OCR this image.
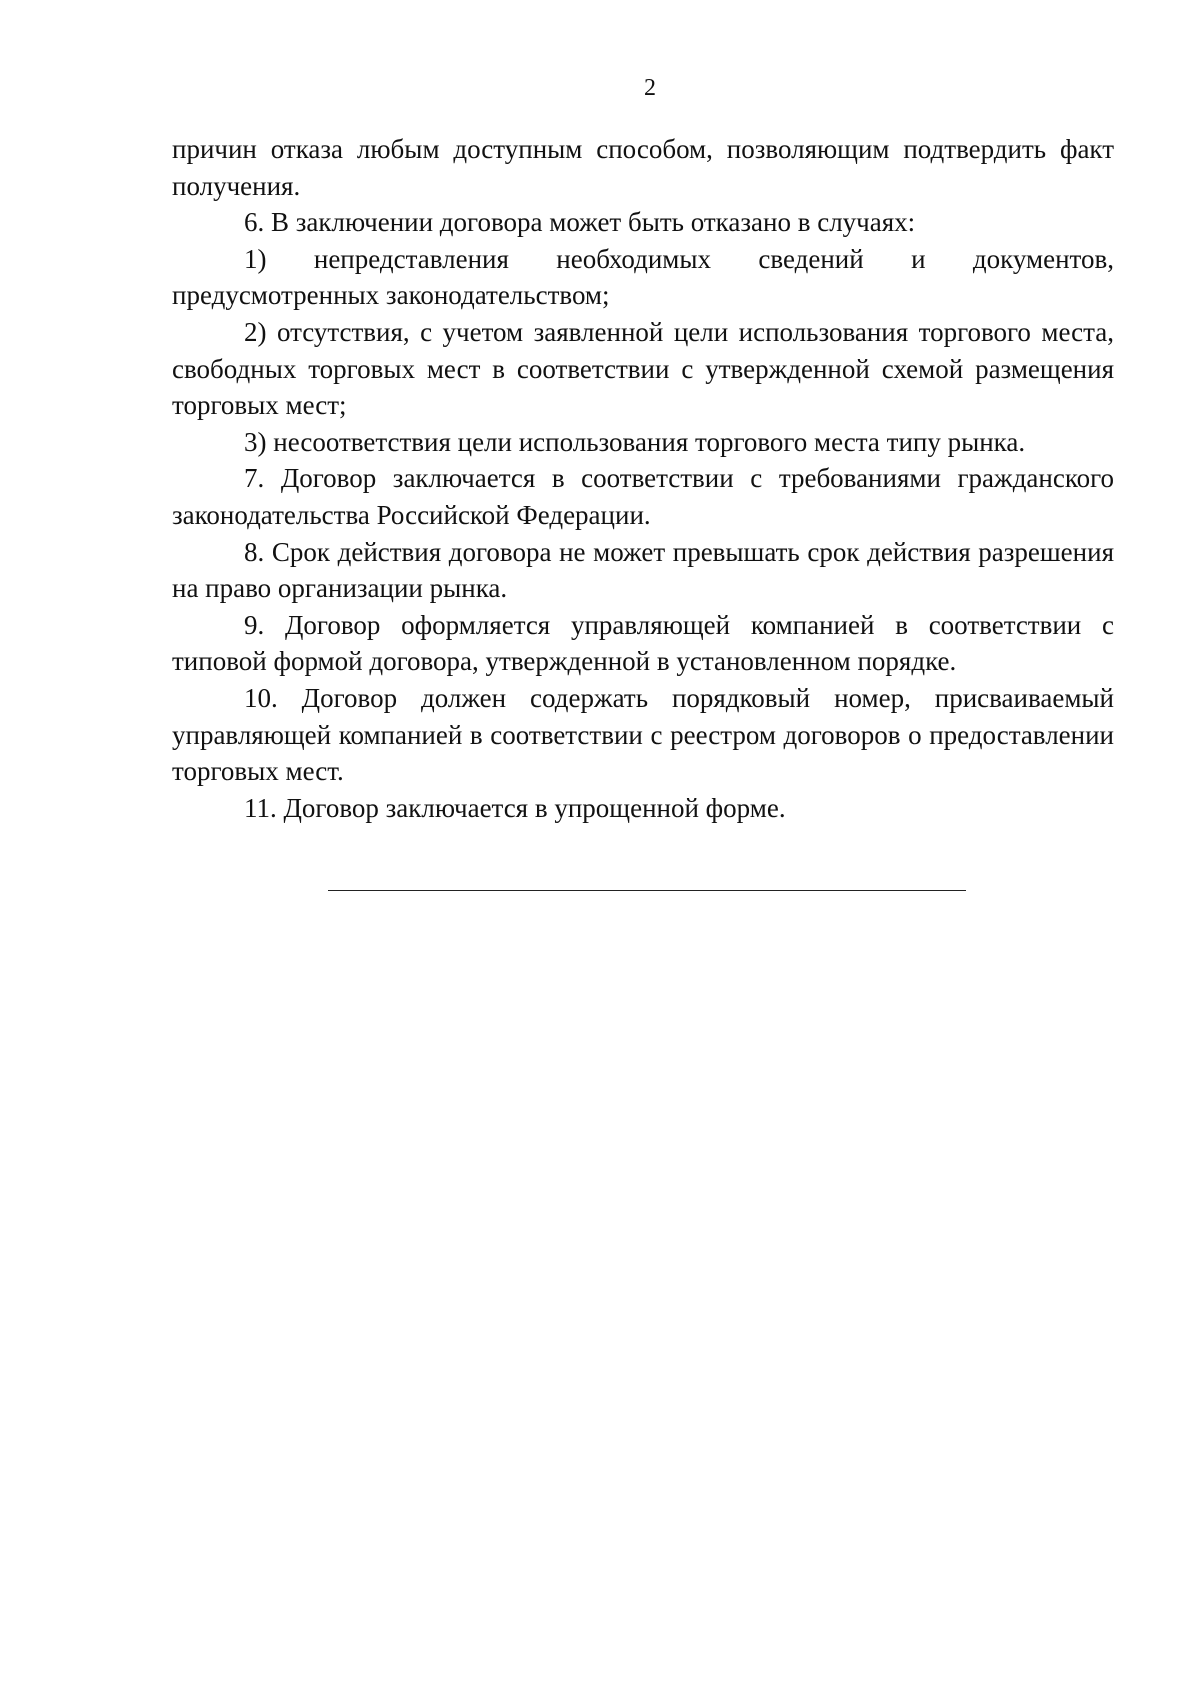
2

причин отказа любым доступным способом, позволяющим подтвердить факт получения.

6. В заключении договора может быть отказано в случаях:

1) непредставления необходимых сведений и документов, предусмотренных законодательством;

2) отсутствия, с учетом заявленной цели использования торгового места, свободных торговых мест в соответствии с утвержденной схемой размещения торговых мест;

3) несоответствия цели использования торгового места типу рынка.

7. Договор заключается в соответствии с требованиями гражданского законодательства Российской Федерации.

8. Срок действия договора не может превышать срок действия разрешения на право организации рынка.

9. Договор оформляется управляющей компанией в соответствии с типовой формой договора, утвержденной в установленном порядке.

10. Договор должен содержать порядковый номер, присваиваемый управляющей компанией в соответствии с реестром договоров о предоставлении торговых мест.

11. Договор заключается в упрощенной форме.
